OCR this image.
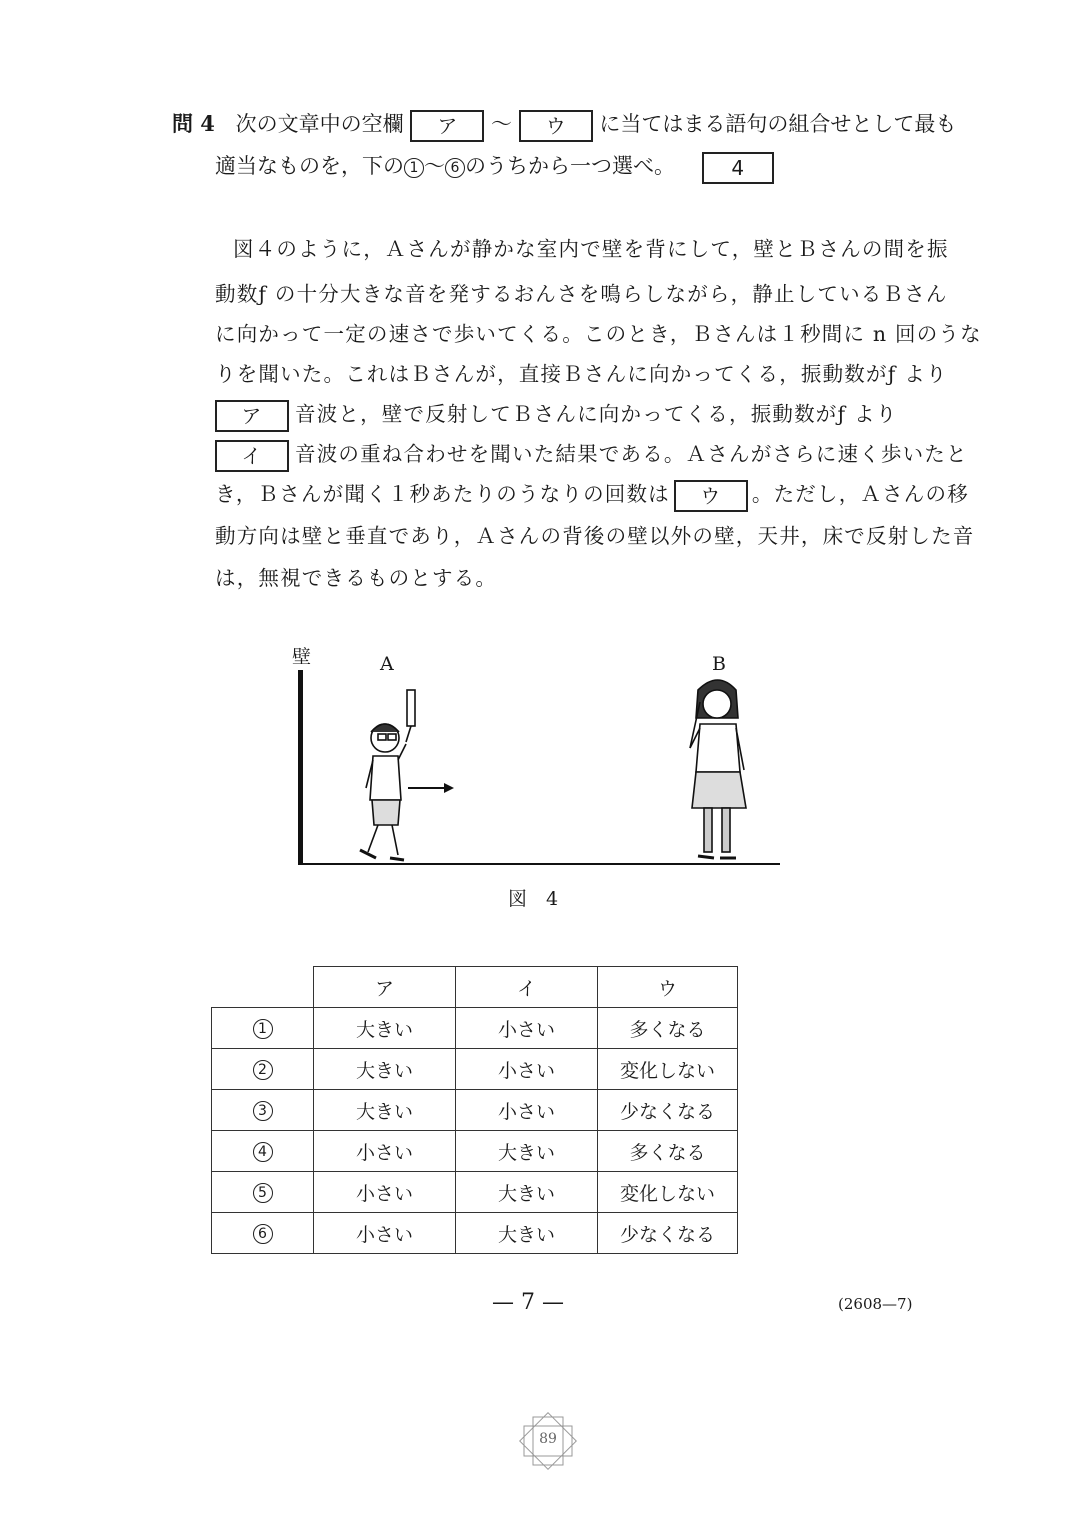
問 4 次の文章中の空欄 ア ～ ウ に当てはまる語句の組合せとして最も
適当なものを，下の 1 ～ 6 のうちから一つ選べ。	4
図４のように，Ａさんが静かな室内で壁を背にして，壁とＢさんの間を振
動数ƒ の十分大きな音を発するおんさを鳴らしながら，静止しているＢさん
に向かって一定の速さで歩いてくる。このとき，Ｂさんは１秒間に n 回のうな
りを聞いた。これはＢさんが，直接Ｂさんに向かってくる，振動数がƒ より
ア 音波と，壁で反射してＢさんに向かってくる，振動数がƒ より
イ 音波の重ね合わせを聞いた結果である。Ａさんがさらに速く歩いたと
き，Ｂさんが聞く１秒あたりのうなりの回数は ウ 。ただし，Ａさんの移
動方向は壁と垂直であり，Ａさんの背後の壁以外の壁，天井，床で反射した音
は，無視できるものとする。
壁	A	B
図　4
	ア	イ	ウ
1	大きい	小さい	多くなる
2	大きい	小さい	変化しない
3	大きい	小さい	少なくなる
4	小さい	大きい	多くなる
5	小さい	大きい	変化しない
6	小さい	大きい	少なくなる
— 7 —	(2608—7)
89
